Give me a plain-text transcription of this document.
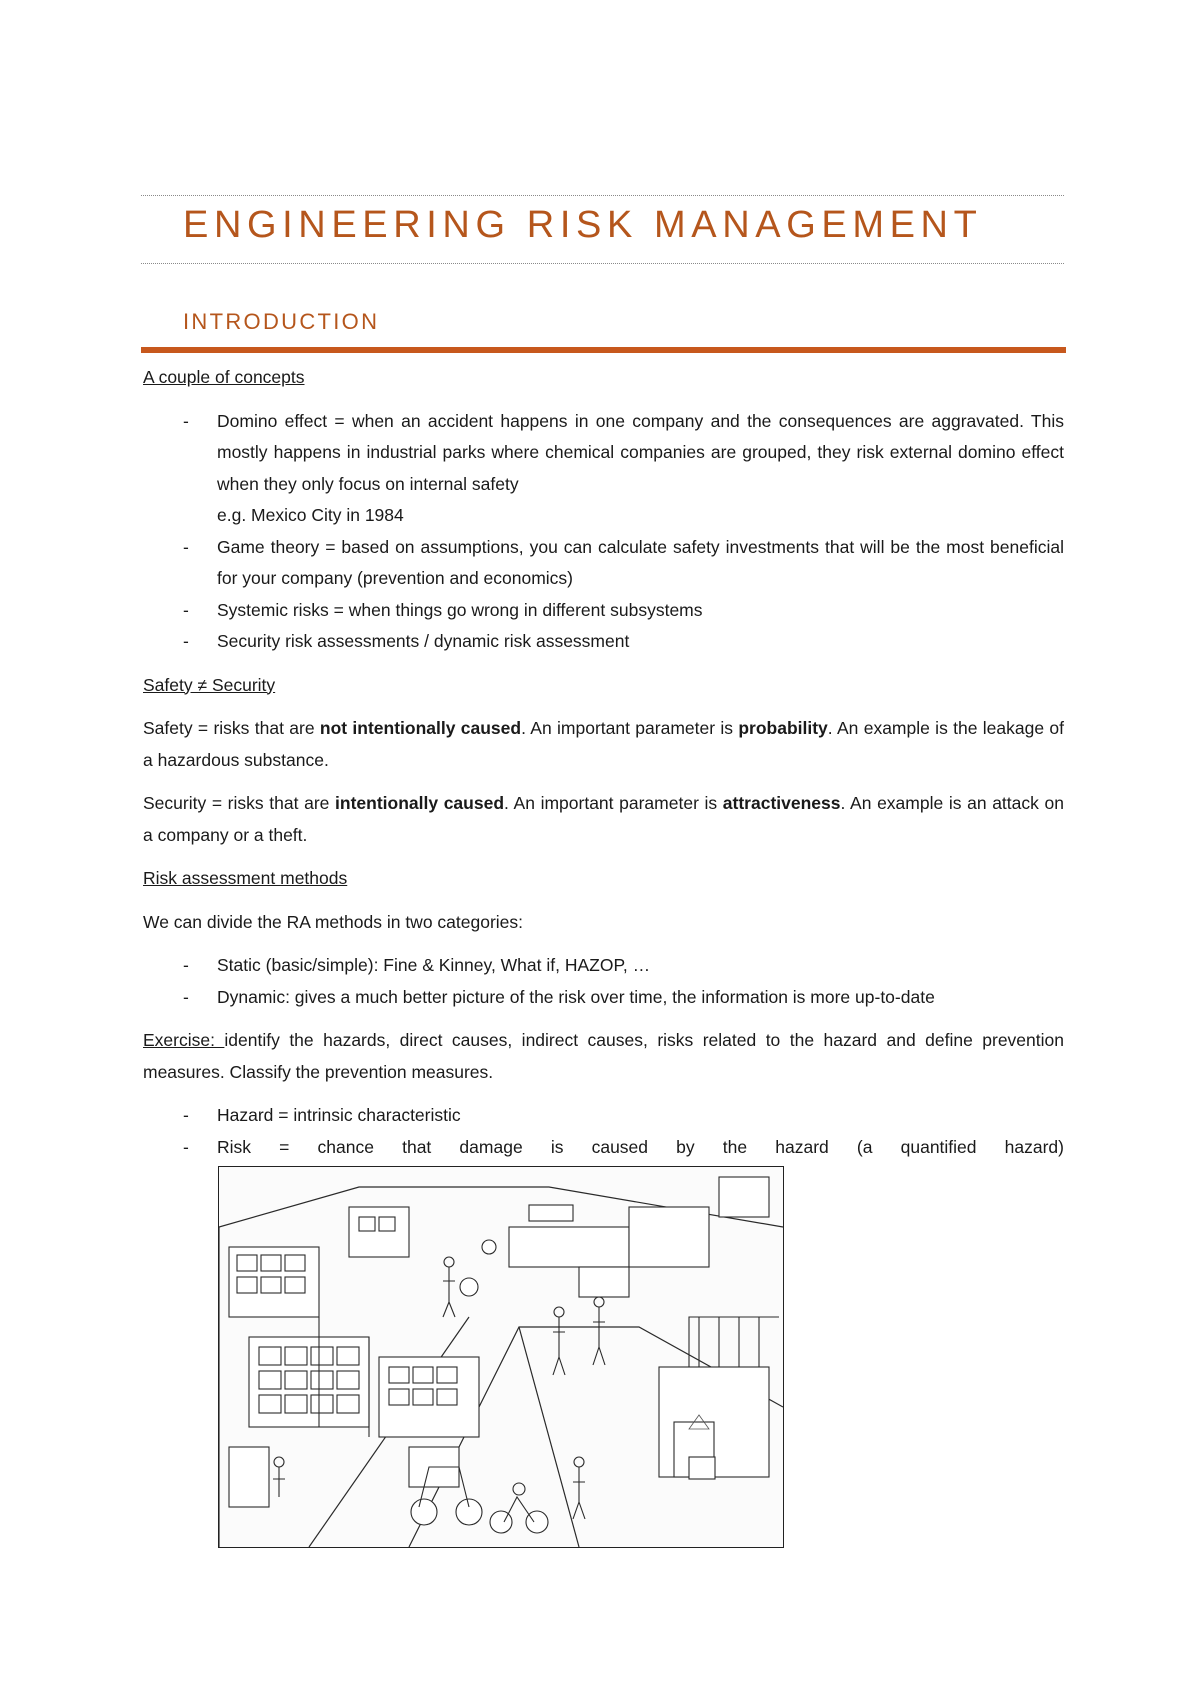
ENGINEERING RISK MANAGEMENT
INTRODUCTION

A couple of concepts

- Domino effect = when an accident happens in one company and the consequences are aggravated. This mostly happens in industrial parks where chemical companies are grouped, they risk external domino effect when they only focus on internal safety
e.g. Mexico City in 1984
- Game theory = based on assumptions, you can calculate safety investments that will be the most beneficial for your company (prevention and economics)
- Systemic risks = when things go wrong in different subsystems
- Security risk assessments / dynamic risk assessment

Safety ≠ Security

Safety = risks that are not intentionally caused. An important parameter is probability. An example is the leakage of a hazardous substance.

Security = risks that are intentionally caused. An important parameter is attractiveness. An example is an attack on a company or a theft.

Risk assessment methods

We can divide the RA methods in two categories:

- Static (basic/simple): Fine & Kinney, What if, HAZOP, …
- Dynamic: gives a much better picture of the risk over time, the information is more up-to-date

Exercise: identify the hazards, direct causes, indirect causes, risks related to the hazard and define prevention measures. Classify the prevention measures.

- Hazard = intrinsic characteristic
- Risk = chance that damage is caused by the hazard (a quantified hazard)
